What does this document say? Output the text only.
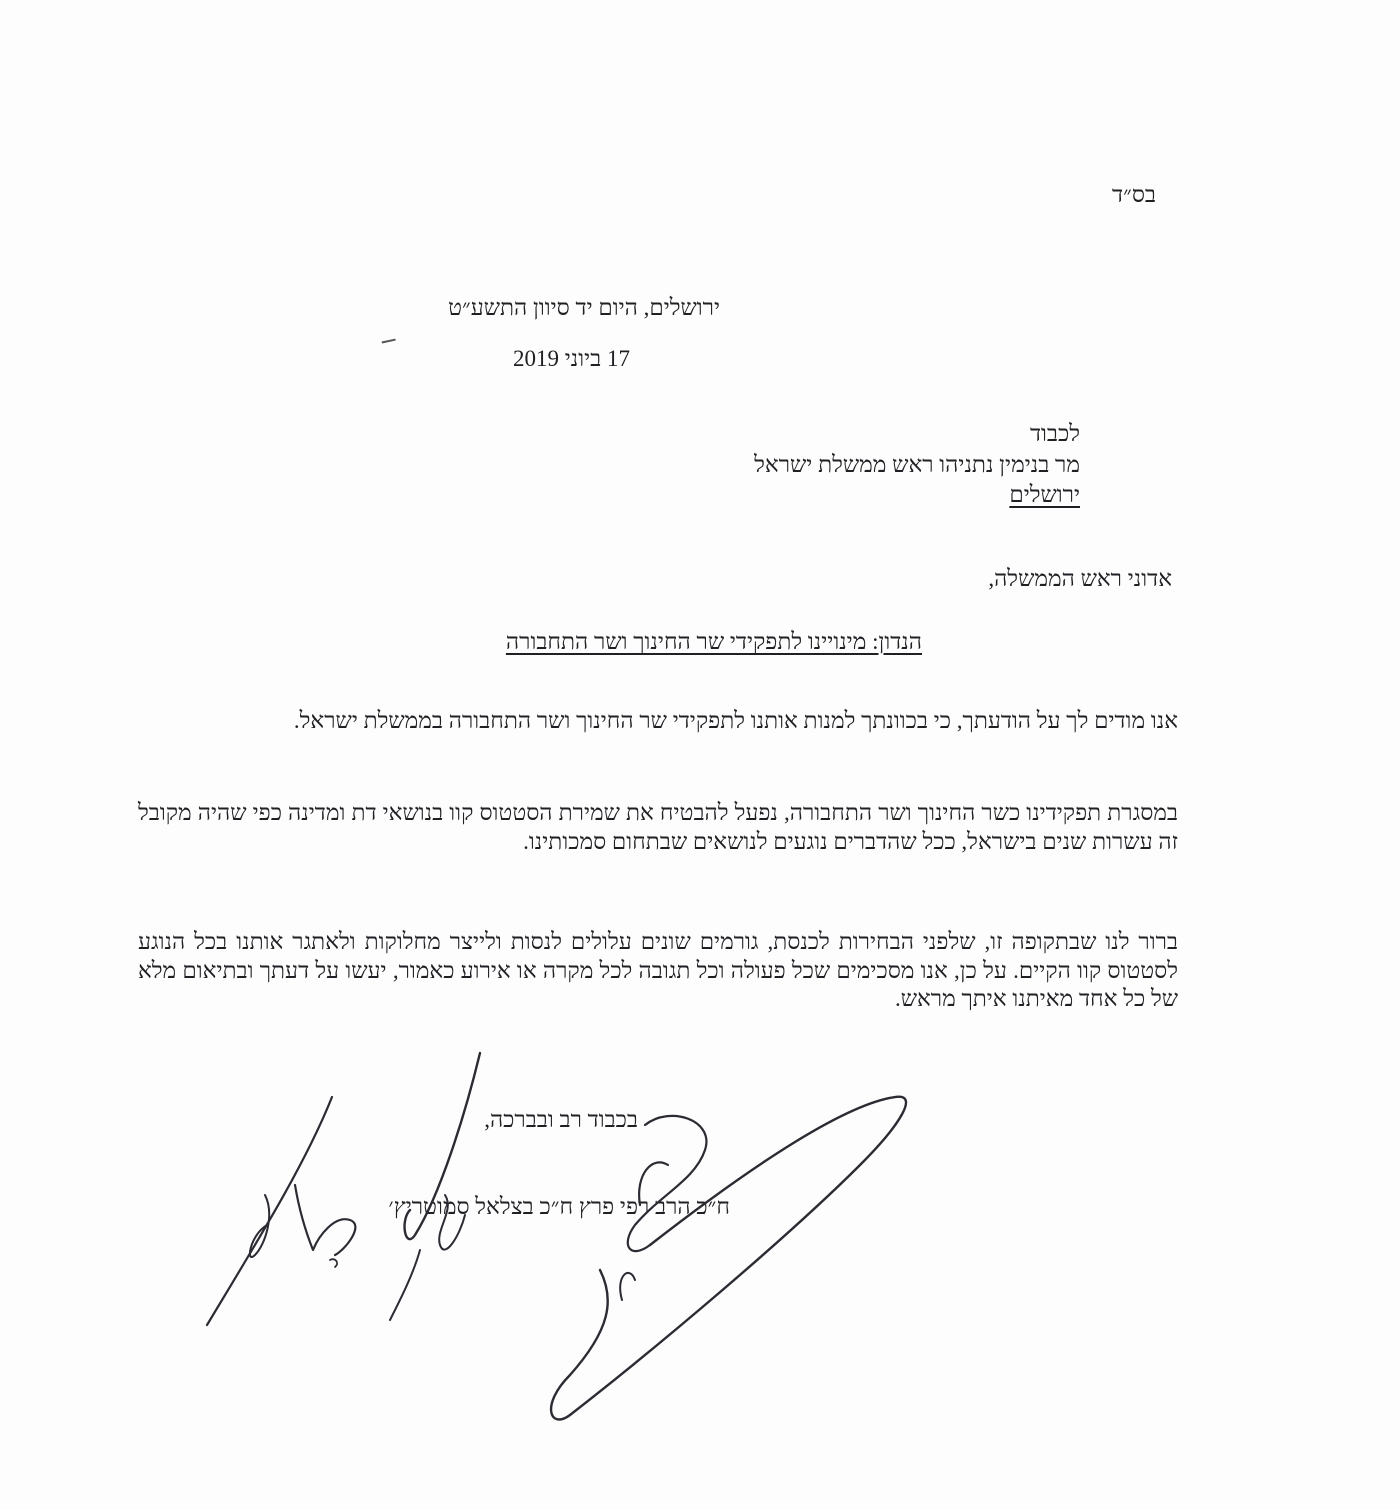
בס״ד
ירושלים, היום יד סיוון התשע״ט
17 ביוני 2019
לכבוד
מר בנימין נתניהו ראש ממשלת ישראל
ירושלים
אדוני ראש הממשלה,
הנדון: מינויינו לתפקידי שר החינוך ושר התחבורה
אנו מודים לך על הודעתך, כי בכוונתך למנות אותנו לתפקידי שר החינוך ושר התחבורה בממשלת ישראל.
במסגרת תפקידינו כשר החינוך ושר התחבורה, נפעל להבטיח את שמירת הסטטוס קוו בנושאי דת ומדינה כפי שהיה מקובל זה עשרות שנים בישראל, ככל שהדברים נוגעים לנושאים שבתחום סמכותינו.
ברור לנו שבתקופה זו, שלפני הבחירות לכנסת, גורמים שונים עלולים לנסות ולייצר מחלוקות ולאתגר אותנו בכל הנוגע לסטטוס קוו הקיים. על כן, אנו מסכימים שכל פעולה וכל תגובה לכל מקרה או אירוע כאמור, יעשו על דעתך ובתיאום מלא של כל אחד מאיתנו איתך מראש.
בכבוד רב ובברכה,
ח״כ הרב רפי פרץ ח״כ בצלאל סמוטריץ׳
